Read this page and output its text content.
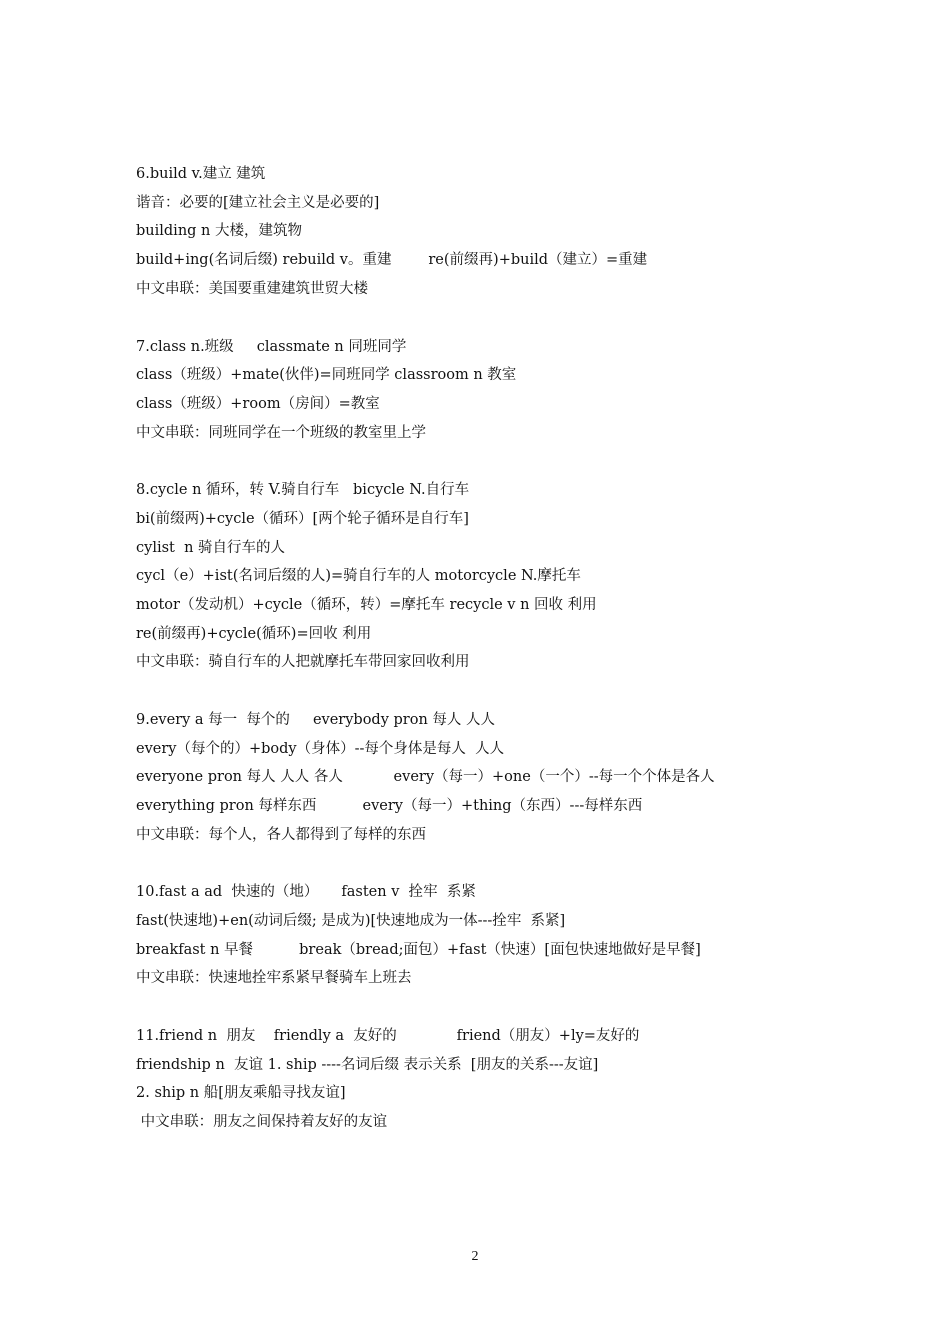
6.build v.建立 建筑
谐音：必要的[建立社会主义是必要的]
building n 大楼，建筑物
build+ing(名词后缀) rebuild v。重建        re(前缀再)+build（建立）=重建
中文串联：美国要重建建筑世贸大楼
7.class n.班级     classmate n 同班同学
class（班级）+mate(伙伴)=同班同学 classroom n 教室
class（班级）+room（房间）=教室
中文串联：同班同学在一个班级的教室里上学
8.cycle n 循环，转 V.骑自行车   bicycle N.自行车
bi(前缀两)+cycle（循环）[两个轮子循环是自行车]
cylist  n 骑自行车的人
cycl（e）+ist(名词后缀的人)=骑自行车的人 motorcycle N.摩托车
motor（发动机）+cycle（循环，转）=摩托车 recycle v n 回收 利用
re(前缀再)+cycle(循环)=回收 利用
中文串联：骑自行车的人把就摩托车带回家回收利用
9.every a 每一  每个的     everybody pron 每人 人人
every（每个的）+body（身体）--每个身体是每人  人人
everyone pron 每人 人人 各人           every（每一）+one（一个）--每一个个体是各人
everything pron 每样东西          every（每一）+thing（东西）---每样东西
中文串联：每个人，各人都得到了每样的东西
10.fast a ad  快速的（地）     fasten v  拴牢  系紧
fast(快速地)+en(动词后缀; 是成为)[快速地成为一体---拴牢  系紧]
breakfast n 早餐          break（bread;面包）+fast（快速）[面包快速地做好是早餐]
中文串联：快速地拴牢系紧早餐骑车上班去
11.friend n  朋友    friendly a  友好的             friend（朋友）+ly=友好的
friendship n  友谊 1. ship ----名词后缀 表示关系  [朋友的关系---友谊]
2. ship n 船[朋友乘船寻找友谊]
中文串联：朋友之间保持着友好的友谊
2
